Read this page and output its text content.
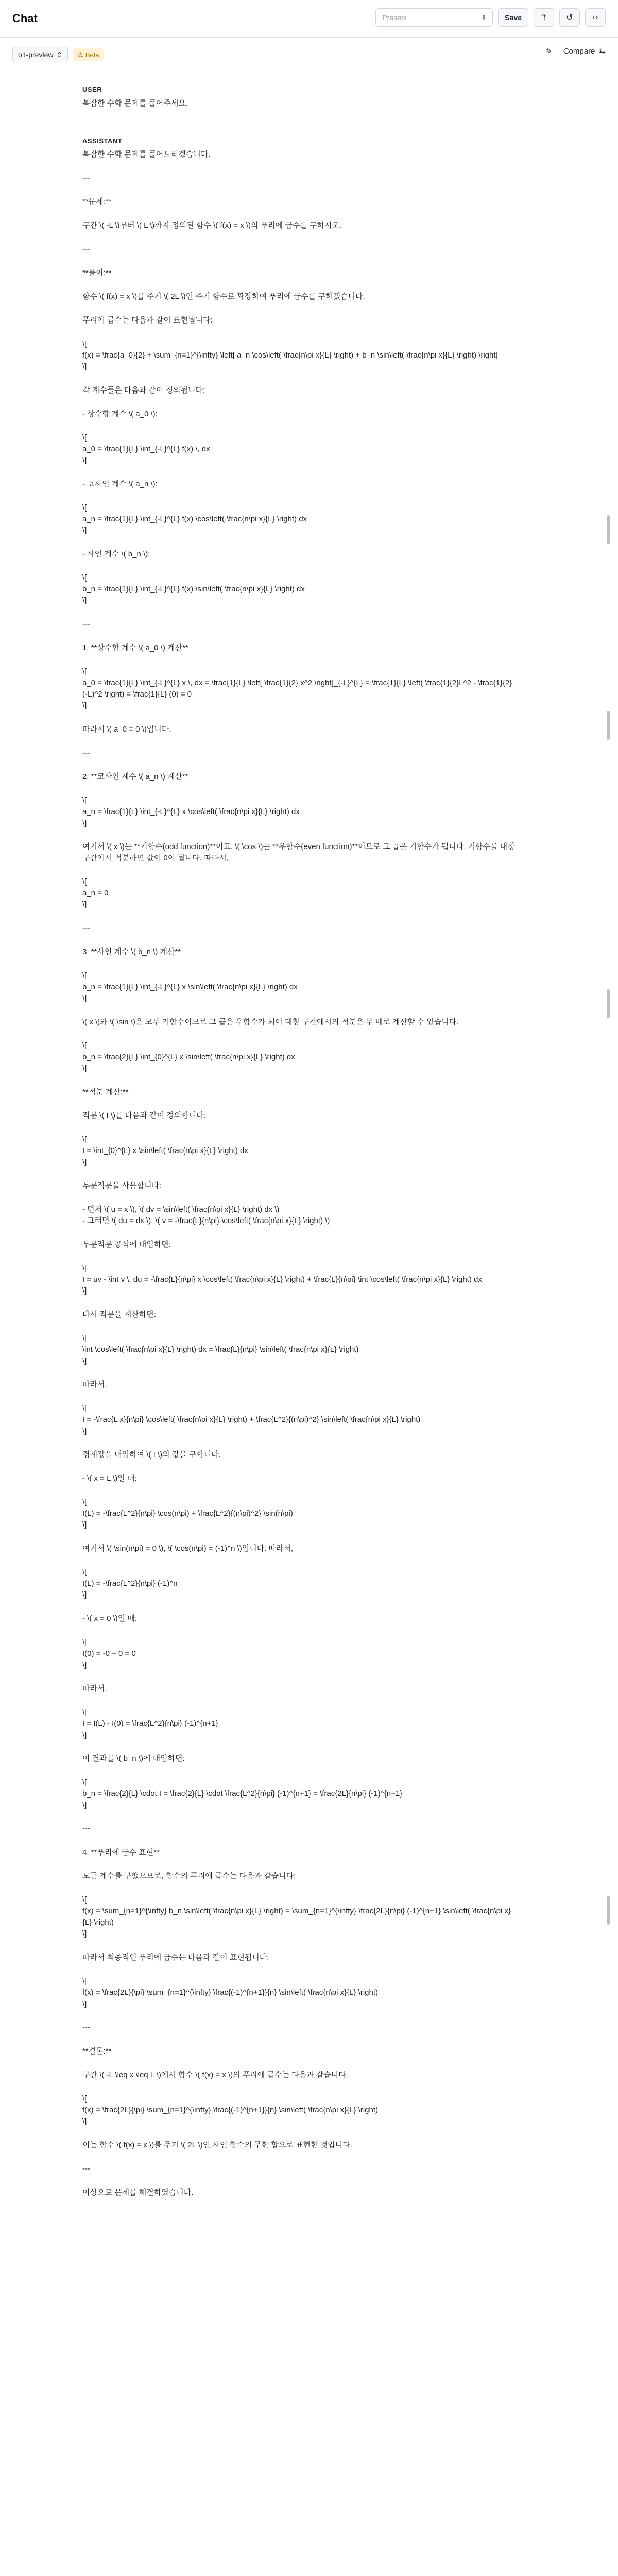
Chat	Presets	⇕	Save	⇪ ↺ ‹›
o1-preview ⇕ ⚠ Beta	✎ Compare ⇆
USER
복잡한 수학 문제를 풀어주세요.
ASSISTANT
복잡한 수학 문제를 풀어드리겠습니다.
---
**문제:**
구간 \( -L \)부터 \( L \)까지 정의된 함수 \( f(x) = x \)의 푸리에 급수를 구하시오.
---
**풀이:**
함수 \( f(x) = x \)를 주기 \( 2L \)인 주기 함수로 확장하여 푸리에 급수를 구하겠습니다.
푸리에 급수는 다음과 같이 표현됩니다:
\[
f(x) = \frac{a_0}{2} + \sum_{n=1}^{\infty} \left[ a_n \cos\left( \frac{n\pi x}{L} \right) + b_n \sin\left( \frac{n\pi x}{L} \right) \right]
\]
각 계수들은 다음과 같이 정의됩니다:
- 상수항 계수 \( a_0 \):
\[
a_0 = \frac{1}{L} \int_{-L}^{L} f(x) \, dx
\]
- 코사인 계수 \( a_n \):
\[
a_n = \frac{1}{L} \int_{-L}^{L} f(x) \cos\left( \frac{n\pi x}{L} \right) dx
\]
- 사인 계수 \( b_n \):
\[
b_n = \frac{1}{L} \int_{-L}^{L} f(x) \sin\left( \frac{n\pi x}{L} \right) dx
\]
---
1. **상수항 계수 \( a_0 \) 계산**
\[
a_0 = \frac{1}{L} \int_{-L}^{L} x \, dx = \frac{1}{L} \left[ \frac{1}{2} x^2 \right]_{-L}^{L} = \frac{1}{L} \left( \frac{1}{2}L^2 - \frac{1}{2}(-L)^2 \right) = \frac{1}{L} (0) = 0
\]
따라서 \( a_0 = 0 \)입니다.
---
2. **코사인 계수 \( a_n \) 계산**
\[
a_n = \frac{1}{L} \int_{-L}^{L} x \cos\left( \frac{n\pi x}{L} \right) dx
\]
여기서 \( x \)는 **기함수(odd function)**이고, \( \cos \)는 **우함수(even function)**이므로 그 곱은 기함수가 됩니다. 기함수를 대칭 구간에서 적분하면 값이 0이 됩니다. 따라서,
\[
a_n = 0
\]
---
3. **사인 계수 \( b_n \) 계산**
\[
b_n = \frac{1}{L} \int_{-L}^{L} x \sin\left( \frac{n\pi x}{L} \right) dx
\]
\( x \)와 \( \sin \)은 모두 기함수이므로 그 곱은 우함수가 되어 대칭 구간에서의 적분은 두 배로 계산할 수 있습니다.
\[
b_n = \frac{2}{L} \int_{0}^{L} x \sin\left( \frac{n\pi x}{L} \right) dx
\]
**적분 계산:**
적분 \( I \)를 다음과 같이 정의합니다:
\[
I = \int_{0}^{L} x \sin\left( \frac{n\pi x}{L} \right) dx
\]
부분적분을 사용합니다:
- 먼저 \( u = x \), \( dv = \sin\left( \frac{n\pi x}{L} \right) dx \)
- 그러면 \( du = dx \), \( v = -\frac{L}{n\pi} \cos\left( \frac{n\pi x}{L} \right) \)
부분적분 공식에 대입하면:
\[
I = uv - \int v \, du = -\frac{L}{n\pi} x \cos\left( \frac{n\pi x}{L} \right) + \frac{L}{n\pi} \int \cos\left( \frac{n\pi x}{L} \right) dx
\]
다시 적분을 계산하면:
\[
\int \cos\left( \frac{n\pi x}{L} \right) dx = \frac{L}{n\pi} \sin\left( \frac{n\pi x}{L} \right)
\]
따라서,
\[
I = -\frac{L x}{n\pi} \cos\left( \frac{n\pi x}{L} \right) + \frac{L^2}{(n\pi)^2} \sin\left( \frac{n\pi x}{L} \right)
\]
경계값을 대입하여 \( I \)의 값을 구합니다.
- \( x = L \)일 때:
\[
I(L) = -\frac{L^2}{n\pi} \cos(n\pi) + \frac{L^2}{(n\pi)^2} \sin(n\pi)
\]
여기서 \( \sin(n\pi) = 0 \), \( \cos(n\pi) = (-1)^n \)입니다. 따라서,
\[
I(L) = -\frac{L^2}{n\pi} (-1)^n
\]
- \( x = 0 \)일 때:
\[
I(0) = -0 + 0 = 0
\]
따라서,
\[
I = I(L) - I(0) = \frac{L^2}{n\pi} (-1)^{n+1}
\]
이 결과를 \( b_n \)에 대입하면:
\[
b_n = \frac{2}{L} \cdot I = \frac{2}{L} \cdot \frac{L^2}{n\pi} (-1)^{n+1} = \frac{2L}{n\pi} (-1)^{n+1}
\]
---
4. **푸리에 급수 표현**
모든 계수를 구했으므로, 함수의 푸리에 급수는 다음과 같습니다:
\[
f(x) = \sum_{n=1}^{\infty} b_n \sin\left( \frac{n\pi x}{L} \right) = \sum_{n=1}^{\infty} \frac{2L}{n\pi} (-1)^{n+1} \sin\left( \frac{n\pi x}{L} \right)
\]
따라서 최종적인 푸리에 급수는 다음과 같이 표현됩니다:
\[
f(x) = \frac{2L}{\pi} \sum_{n=1}^{\infty} \frac{(-1)^{n+1}}{n} \sin\left( \frac{n\pi x}{L} \right)
\]
---
**결론:**
구간 \( -L \leq x \leq L \)에서 함수 \( f(x) = x \)의 푸리에 급수는 다음과 같습니다.
\[
f(x) = \frac{2L}{\pi} \sum_{n=1}^{\infty} \frac{(-1)^{n+1}}{n} \sin\left( \frac{n\pi x}{L} \right)
\]
이는 함수 \( f(x) = x \)를 주기 \( 2L \)인 사인 함수의 무한 합으로 표현한 것입니다.
---
이상으로 문제를 해결하였습니다.
